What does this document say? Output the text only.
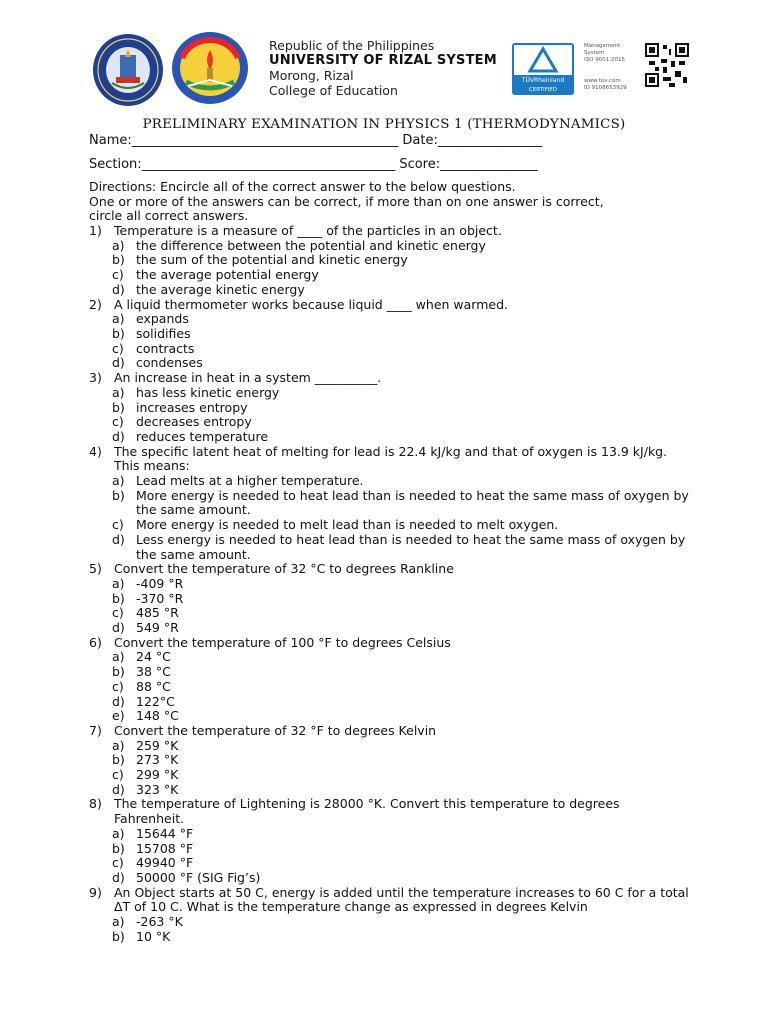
Republic of the Philippines
UNIVERSITY OF RIZAL SYSTEM
Morong, Rizal
College of Education
TÜVRheinland
CERTIFIED
Management
System
ISO 9001:2015
www.tuv.com
ID 9108653929
PRELIMINARY EXAMINATION IN PHYSICS 1 (THERMODYNAMICS)
Name:_________________________________________ Date:________________
Section:_______________________________________ Score:_______________
Directions: Encircle all of the correct answer to the below questions.
One or more of the answers can be correct, if more than on one answer is correct,
circle all correct answers.
1) Temperature is a measure of ____ of the particles in an object.
a) the difference between the potential and kinetic energy
b) the sum of the potential and kinetic energy
c) the average potential energy
d) the average kinetic energy
2) A liquid thermometer works because liquid ____ when warmed.
a) expands
b) solidifies
c) contracts
d) condenses
3) An increase in heat in a system __________.
a) has less kinetic energy
b) increases entropy
c) decreases entropy
d) reduces temperature
4) The specific latent heat of melting for lead is 22.4 kJ/kg and that of oxygen is 13.9 kJ/kg. This means:
a) Lead melts at a higher temperature.
b) More energy is needed to heat lead than is needed to heat the same mass of oxygen by the same amount.
c) More energy is needed to melt lead than is needed to melt oxygen.
d) Less energy is needed to heat lead than is needed to heat the same mass of oxygen by the same amount.
5) Convert the temperature of 32 °C to degrees Rankline
a) -409 °R
b) -370 °R
c) 485 °R
d) 549 °R
6) Convert the temperature of 100 °F to degrees Celsius
a) 24 °C
b) 38 °C
c) 88 °C
d) 122°C
e) 148 °C
7) Convert the temperature of 32 °F to degrees Kelvin
a) 259 °K
b) 273 °K
c) 299 °K
d) 323 °K
8) The temperature of Lightening is 28000 °K. Convert this temperature to degrees Fahrenheit.
a) 15644 °F
b) 15708 °F
c) 49940 °F
d) 50000 °F (SIG Fig’s)
9) An Object starts at 50 C, energy is added until the temperature increases to 60 C for a total ΔT of 10 C. What is the temperature change as expressed in degrees Kelvin
a) -263 °K
b) 10 °K
